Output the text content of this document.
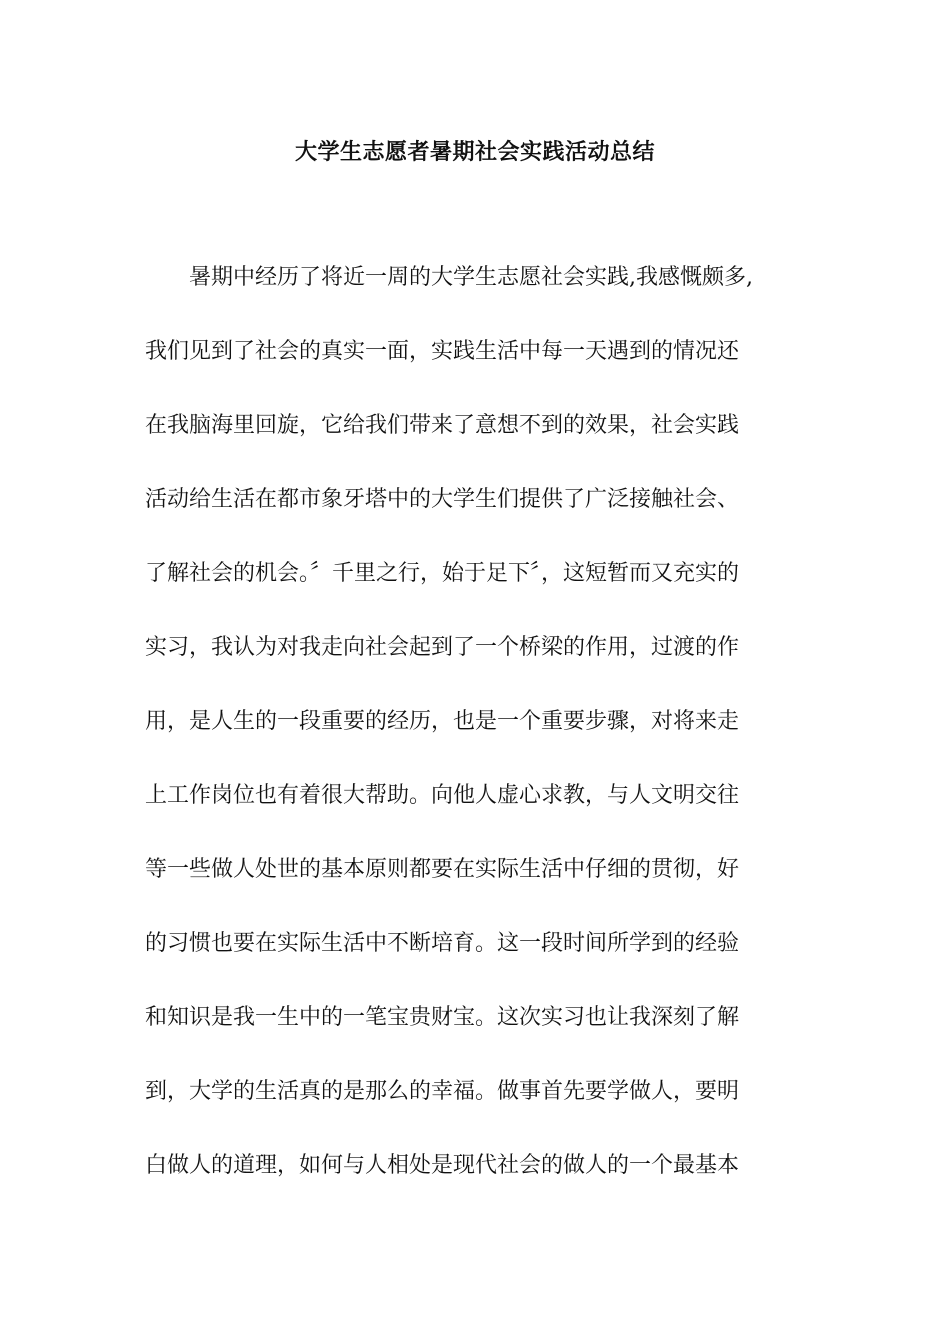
大学生志愿者暑期社会实践活动总结
暑期中经历了将近一周的大学生志愿社会实践,我感慨颇多,
我们见到了社会的真实一面，实践生活中每一天遇到的情况还
在我脑海里回旋，它给我们带来了意想不到的效果，社会实践
活动给生活在都市象牙塔中的大学生们提供了广泛接触社会、
了解社会的机会。〞千里之行，始于足下〞，这短暂而又充实的
实习，我认为对我走向社会起到了一个桥梁的作用，过渡的作
用，是人生的一段重要的经历，也是一个重要步骤，对将来走
上工作岗位也有着很大帮助。向他人虚心求教，与人文明交往
等一些做人处世的基本原则都要在实际生活中仔细的贯彻，好
的习惯也要在实际生活中不断培育。这一段时间所学到的经验
和知识是我一生中的一笔宝贵财宝。这次实习也让我深刻了解
到，大学的生活真的是那么的幸福。做事首先要学做人，要明
白做人的道理，如何与人相处是现代社会的做人的一个最基本
